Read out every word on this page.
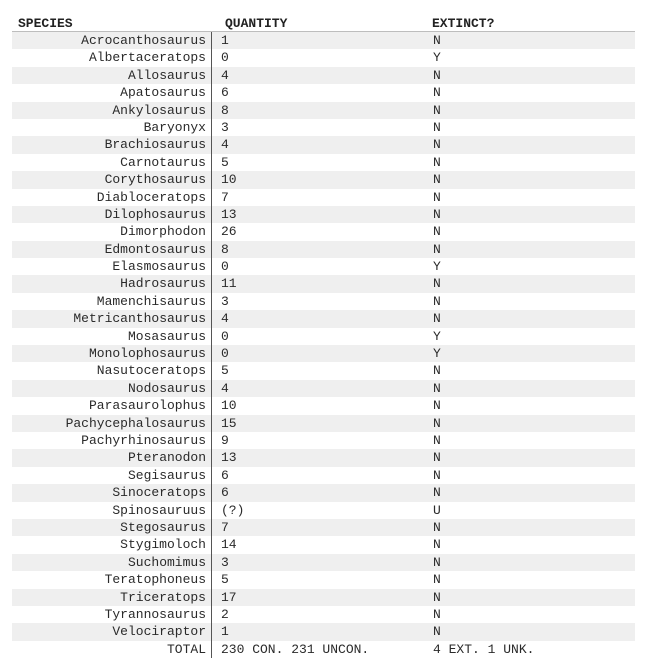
SPECIES	QUANTITY	EXTINCT?
Acrocanthosaurus	1	N
Albertaceratops	0	Y
Allosaurus	4	N
Apatosaurus	6	N
Ankylosaurus	8	N
Baryonyx	3	N
Brachiosaurus	4	N
Carnotaurus	5	N
Corythosaurus	10	N
Diabloceratops	7	N
Dilophosaurus	13	N
Dimorphodon	26	N
Edmontosaurus	8	N
Elasmosaurus	0	Y
Hadrosaurus	11	N
Mamenchisaurus	3	N
Metricanthosaurus	4	N
Mosasaurus	0	Y
Monolophosaurus	0	Y
Nasutoceratops	5	N
Nodosaurus	4	N
Parasaurolophus	10	N
Pachycephalosaurus	15	N
Pachyrhinosaurus	9	N
Pteranodon	13	N
Segisaurus	6	N
Sinoceratops	6	N
Spinosauruus	(?)	U
Stegosaurus	7	N
Stygimoloch	14	N
Suchomimus	3	N
Teratophoneus	5	N
Triceratops	17	N
Tyrannosaurus	2	N
Velociraptor	1	N
TOTAL	230 CON. 231 UNCON.	4 EXT. 1 UNK.
